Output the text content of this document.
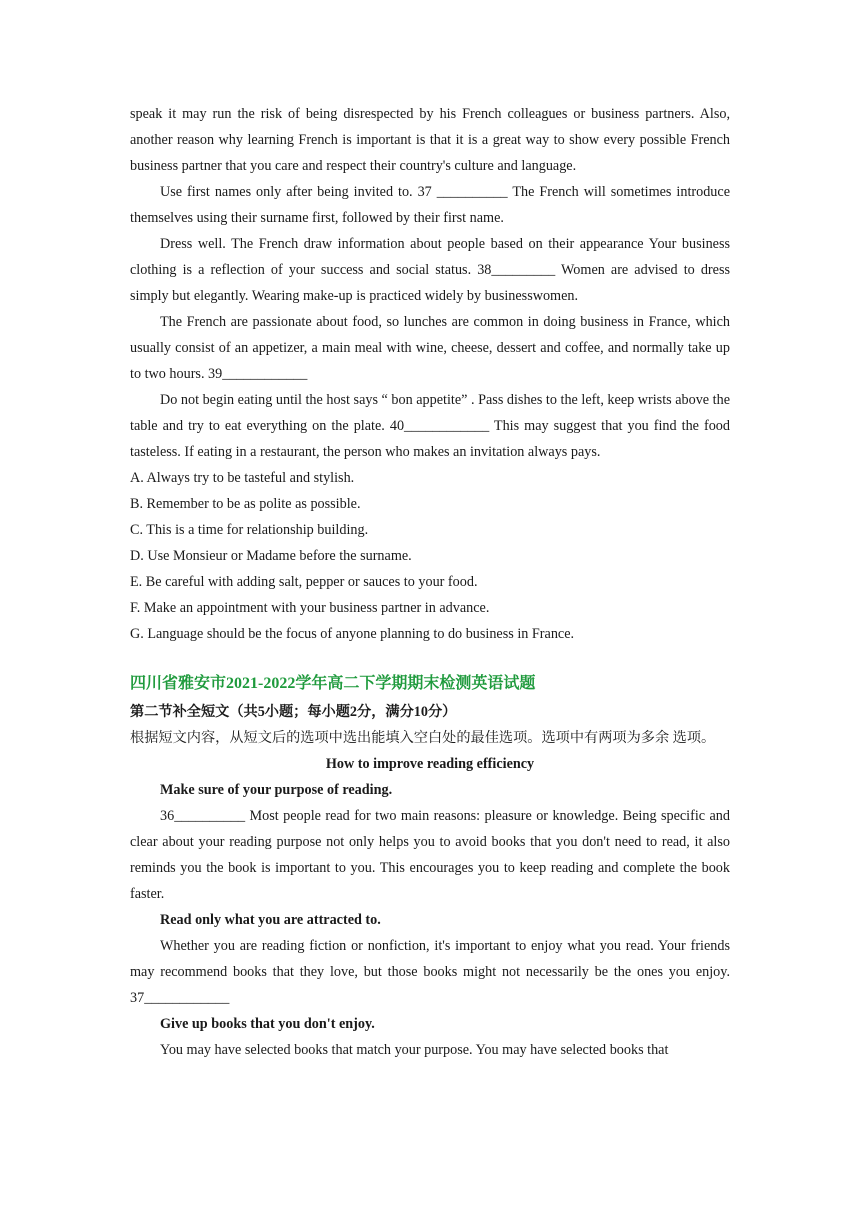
speak it may run the risk of being disrespected by his French colleagues or business partners. Also, another reason why learning French is important is that it is a great way to show every possible French business partner that you care and respect their country's culture and language.

Use first names only after being invited to. 37 __________ The French will sometimes introduce themselves using their surname first, followed by their first name.

Dress well. The French draw information about people based on their appearance Your business clothing is a reflection of your success and social status. 38_________ Women are advised to dress simply but elegantly. Wearing make-up is practiced widely by businesswomen.

The French are passionate about food, so lunches are common in doing business in France, which usually consist of an appetizer, a main meal with wine, cheese, dessert and coffee, and normally take up to two hours. 39____________

Do not begin eating until the host says “ bon appetite” . Pass dishes to the left, keep wrists above the table and try to eat everything on the plate. 40____________ This may suggest that you find the food tasteless. If eating in a restaurant, the person who makes an invitation always pays.

A. Always try to be tasteful and stylish.

B. Remember to be as polite as possible.

C. This is a time for relationship building.

D. Use Monsieur or Madame before the surname.

E. Be careful with adding salt, pepper or sauces to your food.

F. Make an appointment with your business partner in advance.

G. Language should be the focus of anyone planning to do business in France.

四川省雅安市2021-2022学年高二下学期期末检测英语试题

第二节补全短文（共5小题；每小题2分，满分10分）

根据短文内容，从短文后的选项中选出能填入空白处的最佳选项。选项中有两项为多余 选项。

How to improve reading efficiency

Make sure of your purpose of reading.

36__________ Most people read for two main reasons: pleasure or knowledge. Being specific and clear about your reading purpose not only helps you to avoid books that you don't need to read, it also reminds you the book is important to you. This encourages you to keep reading and complete the book faster.

Read only what you are attracted to.

Whether you are reading fiction or nonfiction, it's important to enjoy what you read. Your friends may recommend books that they love, but those books might not necessarily be the ones you enjoy. 37____________

Give up books that you don't enjoy.

You may have selected books that match your purpose. You may have selected books that
